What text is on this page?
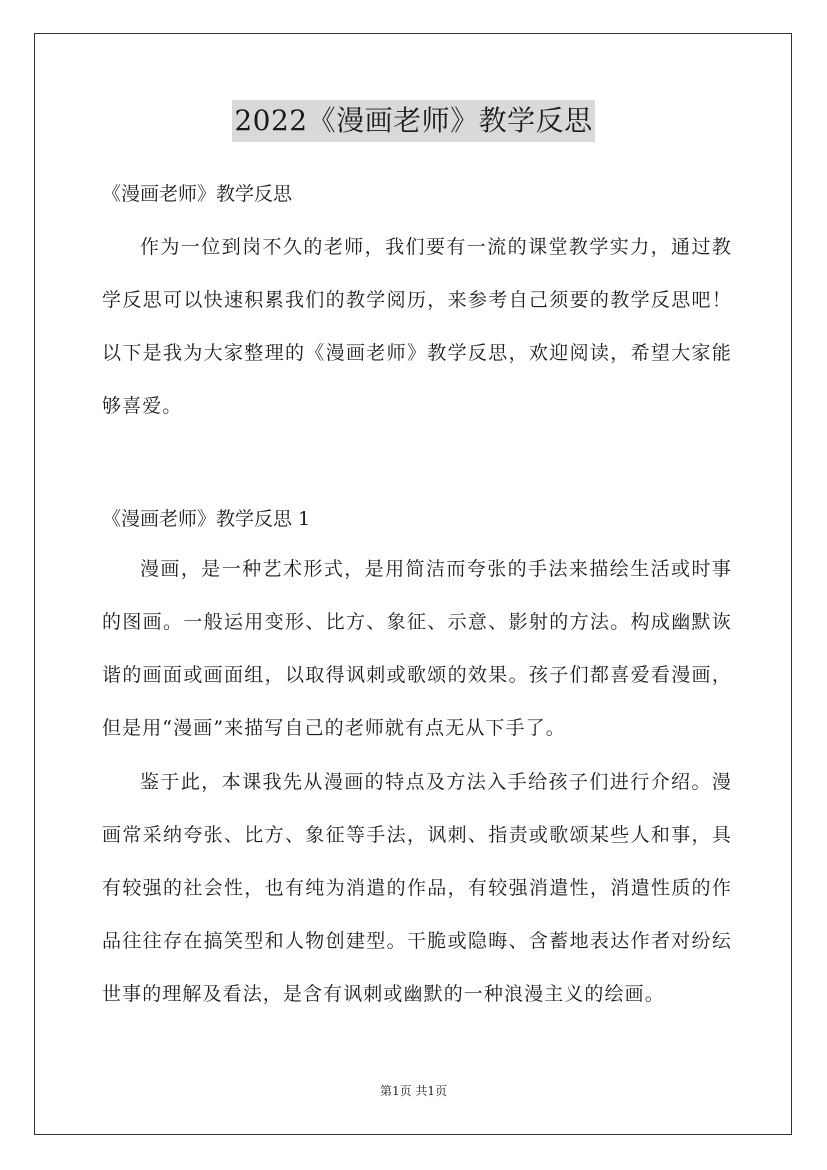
2022《漫画老师》教学反思

《漫画老师》教学反思

作为一位到岗不久的老师，我们要有一流的课堂教学实力，通过教学反思可以快速积累我们的教学阅历，来参考自己须要的教学反思吧！以下是我为大家整理的《漫画老师》教学反思，欢迎阅读，希望大家能够喜爱。

《漫画老师》教学反思 1

漫画，是一种艺术形式，是用简洁而夸张的手法来描绘生活或时事的图画。一般运用变形、比方、象征、示意、影射的方法。构成幽默诙谐的画面或画面组，以取得讽刺或歌颂的效果。孩子们都喜爱看漫画，但是用“漫画”来描写自己的老师就有点无从下手了。

鉴于此，本课我先从漫画的特点及方法入手给孩子们进行介绍。漫画常采纳夸张、比方、象征等手法，讽刺、指责或歌颂某些人和事，具有较强的社会性，也有纯为消遣的作品，有较强消遣性，消遣性质的作品往往存在搞笑型和人物创建型。干脆或隐晦、含蓄地表达作者对纷纭世事的理解及看法，是含有讽刺或幽默的一种浪漫主义的绘画。

第1页 共1页
